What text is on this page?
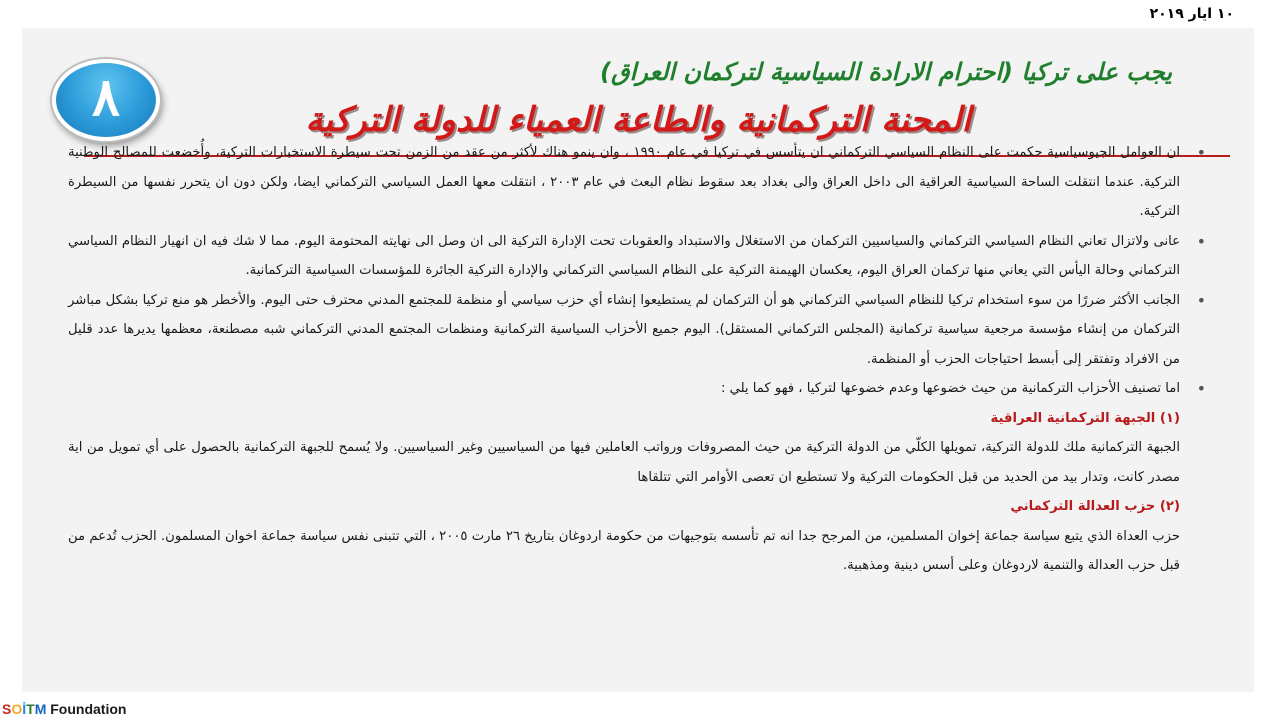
١٠ ايار ٢٠١٩
٨	يجب على تركيا (احترام الارادة السياسية لتركمان العراق)
المحنة التركمانية والطاعة العمياء للدولة التركية

• ان العوامل الجيوسياسية حكمت على النظام السياسي التركماني ان يتأسس في تركيا في عام ١٩٩٠ ، وان ينمو هناك لأكثر من عقد من الزمن تحت سيطرة الاستخبارات التركية، وأُخضعت للمصالح الوطنية التركية. عندما انتقلت الساحة السياسية العراقية الى داخل العراق والى بغداد بعد سقوط نظام البعث في عام ٢٠٠٣ ، انتقلت معها العمل السياسي التركماني ايضا، ولكن دون ان يتحرر نفسها من السيطرة التركية.

• عانى ولاتزال تعاني النظام السياسي التركماني والسياسيين التركمان من الاستغلال والاستبداد والعقوبات تحت الإدارة التركية الى ان وصل الى نهايته المحتومة اليوم. مما لا شك فيه ان انهيار النظام السياسي التركماني وحالة اليأس التي يعاني منها تركمان العراق اليوم، يعكسان الهيمنة التركية على النظام السياسي التركماني والإدارة التركية الجائرة للمؤسسات السياسية التركمانية.

• الجانب الأكثر ضررًا من سوء استخدام تركيا للنظام السياسي التركماني هو أن التركمان لم يستطيعوا إنشاء أي حزب سياسي أو منظمة للمجتمع المدني محترف حتى اليوم. والأخطر هو منع تركيا بشكل مباشر التركمان من إنشاء مؤسسة مرجعية سياسية تركمانية (المجلس التركماني المستقل). اليوم جميع الأحزاب السياسية التركمانية ومنظمات المجتمع المدني التركماني شبه مصطنعة، معظمها يديرها عدد قليل من الافراد وتفتقر إلى أبسط احتياجات الحزب أو المنظمة.

• اما تصنيف الأحزاب التركمانية من حيث خضوعها وعدم خضوعها لتركيا ، فهو كما يلي :

(١) الجبهة التركمانية العراقية

الجبهة التركمانية ملك للدولة التركية، تمويلها الكلّي من الدولة التركية من حيث المصروفات ورواتب العاملين فيها من السياسيين وغير السياسيين. ولا يُسمح للجبهة التركمانية بالحصول على أي تمويل من اية مصدر كانت، وتدار بيد من الحديد من قبل الحكومات التركية ولا تستطيع ان تعصى الأوامر التي تتلقاها

(٢) حزب العدالة التركماني

حزب العداة الذي يتبع سياسة جماعة إخوان المسلمين، من المرجح جدا انه تم تأسسه بتوجيهات من حكومة اردوغان بتاريخ ٢٦ مارت ٢٠٠٥ ، التي تتبنى نفس سياسة جماعة اخوان المسلمون. الحزب تُدعم من قبل حزب العدالة والتنمية لاردوغان وعلى أسس دينية ومذهبية.

SOİTM Foundation
